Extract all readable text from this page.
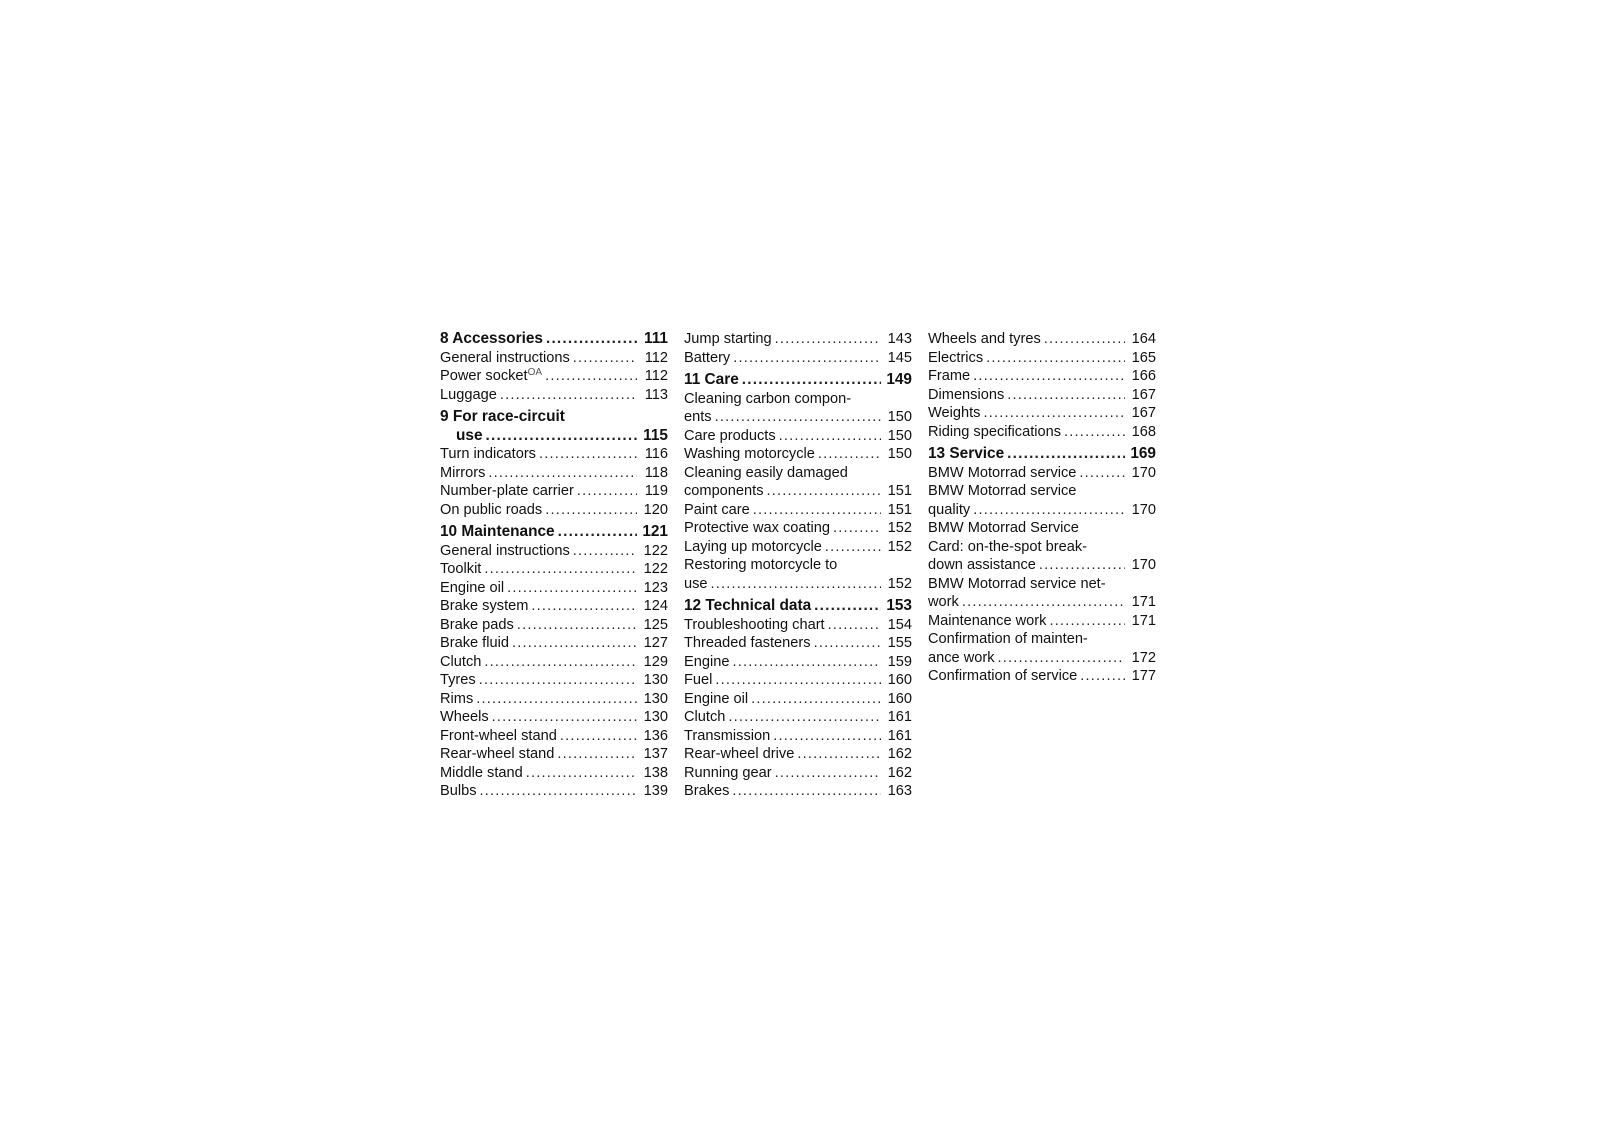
8 Accessories .....	111
General instructions .....	112
Power socket$^{OA}$ .....	112
Luggage .....	113
9 For race-circuit
use .....	115
Turn indicators .....	116
Mirrors .....	118
Number-plate carrier .....	119
On public roads .....	120
10 Maintenance .....	121
General instructions .....	122
Toolkit .....	122
Engine oil .....	123
Brake system .....	124
Brake pads .....	125
Brake fluid .....	127
Clutch .....	129
Tyres .....	130
Rims .....	130
Wheels .....	130
Front-wheel stand .....	136
Rear-wheel stand .....	137
Middle stand .....	138
Bulbs .....	139
Jump starting .....	143
Battery .....	145
11 Care .....	149
Cleaning carbon compon-
ents .....	150
Care products .....	150
Washing motorcycle .....	150
Cleaning easily damaged
components .....	151
Paint care .....	151
Protective wax coating .....	152
Laying up motorcycle .....	152
Restoring motorcycle to
use .....	152
12 Technical data .....	153
Troubleshooting chart .....	154
Threaded fasteners .....	155
Engine .....	159
Fuel .....	160
Engine oil .....	160
Clutch .....	161
Transmission .....	161
Rear-wheel drive .....	162
Running gear .....	162
Brakes .....	163
Wheels and tyres .....	164
Electrics .....	165
Frame .....	166
Dimensions .....	167
Weights .....	167
Riding specifications .....	168
13 Service .....	169
BMW Motorrad service .....	170
BMW Motorrad service
quality .....	170
BMW Motorrad Service
Card: on-the-spot break-
down assistance .....	170
BMW Motorrad service net-
work .....	171
Maintenance work .....	171
Confirmation of mainten-
ance work .....	172
Confirmation of service .....	177
